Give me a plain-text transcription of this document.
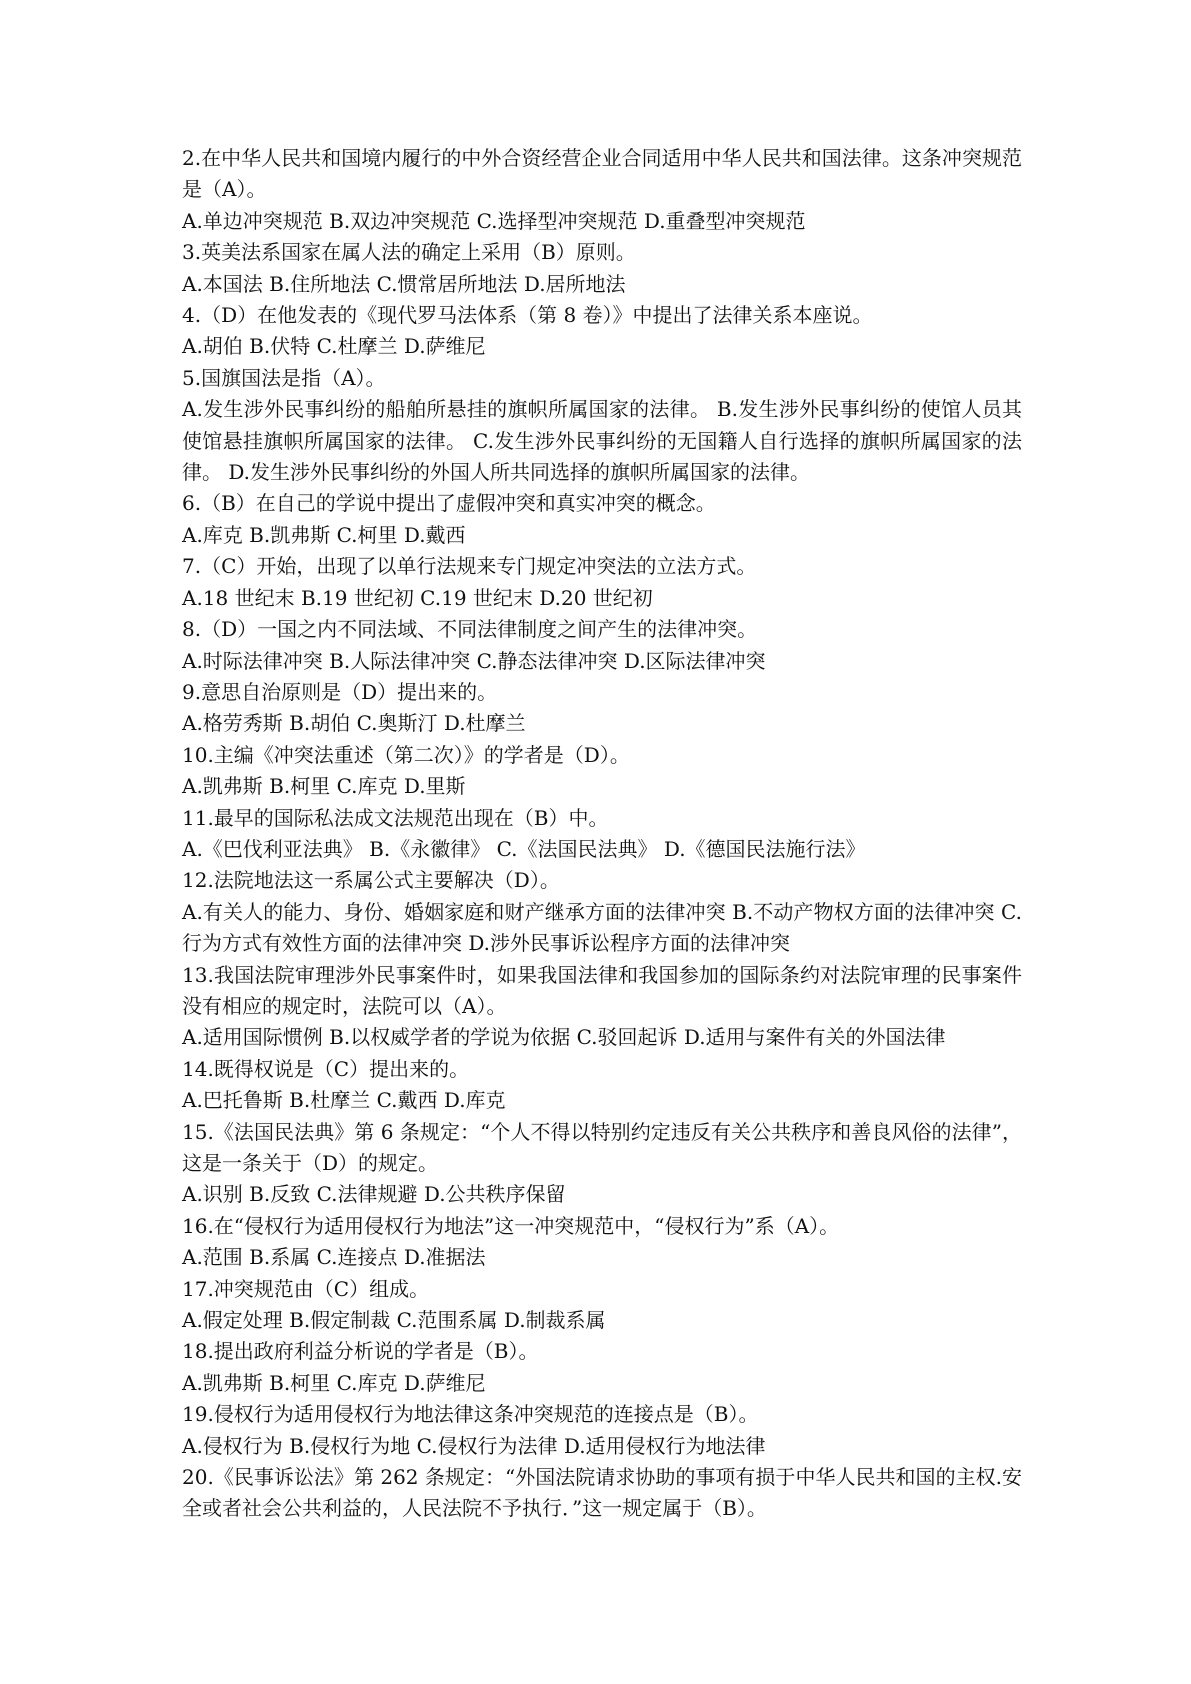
2.在中华人民共和国境内履行的中外合资经营企业合同适用中华人民共和国法律。这条冲突规范是（A）。

A.单边冲突规范 B.双边冲突规范 C.选择型冲突规范 D.重叠型冲突规范

3.英美法系国家在属人法的确定上采用（B）原则。

A.本国法 B.住所地法 C.惯常居所地法 D.居所地法

4.（D）在他发表的《现代罗马法体系（第 8 卷）》中提出了法律关系本座说。

A.胡伯 B.伏特 C.杜摩兰 D.萨维尼

5.国旗国法是指（A）。

A.发生涉外民事纠纷的船舶所悬挂的旗帜所属国家的法律。 B.发生涉外民事纠纷的使馆人员其使馆悬挂旗帜所属国家的法律。 C.发生涉外民事纠纷的无国籍人自行选择的旗帜所属国家的法律。 D.发生涉外民事纠纷的外国人所共同选择的旗帜所属国家的法律。

6.（B）在自己的学说中提出了虚假冲突和真实冲突的概念。

A.库克 B.凯弗斯 C.柯里 D.戴西

7.（C）开始，出现了以单行法规来专门规定冲突法的立法方式。

A.18 世纪末 B.19 世纪初 C.19 世纪末 D.20 世纪初

8.（D）一国之内不同法域、不同法律制度之间产生的法律冲突。

A.时际法律冲突 B.人际法律冲突 C.静态法律冲突 D.区际法律冲突

9.意思自治原则是（D）提出来的。

A.格劳秀斯 B.胡伯 C.奥斯汀 D.杜摩兰

10.主编《冲突法重述（第二次）》的学者是（D）。

A.凯弗斯 B.柯里 C.库克 D.里斯

11.最早的国际私法成文法规范出现在（B）中。

A.《巴伐利亚法典》 B.《永徽律》 C.《法国民法典》 D.《德国民法施行法》

12.法院地法这一系属公式主要解决（D）。

A.有关人的能力、身份、婚姻家庭和财产继承方面的法律冲突 B.不动产物权方面的法律冲突 C.行为方式有效性方面的法律冲突 D.涉外民事诉讼程序方面的法律冲突

13.我国法院审理涉外民事案件时，如果我国法律和我国参加的国际条约对法院审理的民事案件没有相应的规定时，法院可以（A）。

A.适用国际惯例 B.以权威学者的学说为依据 C.驳回起诉 D.适用与案件有关的外国法律

14.既得权说是（C）提出来的。

A.巴托鲁斯 B.杜摩兰 C.戴西 D.库克

15.《法国民法典》第 6 条规定：“个人不得以特别约定违反有关公共秩序和善良风俗的法律”，这是一条关于（D）的规定。

A.识别 B.反致 C.法律规避 D.公共秩序保留

16.在“侵权行为适用侵权行为地法”这一冲突规范中，“侵权行为”系（A）。

A.范围 B.系属 C.连接点 D.准据法

17.冲突规范由（C）组成。

A.假定处理 B.假定制裁 C.范围系属 D.制裁系属

18.提出政府利益分析说的学者是（B）。

A.凯弗斯 B.柯里 C.库克 D.萨维尼

19.侵权行为适用侵权行为地法律这条冲突规范的连接点是（B）。

A.侵权行为 B.侵权行为地 C.侵权行为法律 D.适用侵权行为地法律

20.《民事诉讼法》第 262 条规定：“外国法院请求协助的事项有损于中华人民共和国的主权.安全或者社会公共利益的，人民法院不予执行．”这一规定属于（B）。
